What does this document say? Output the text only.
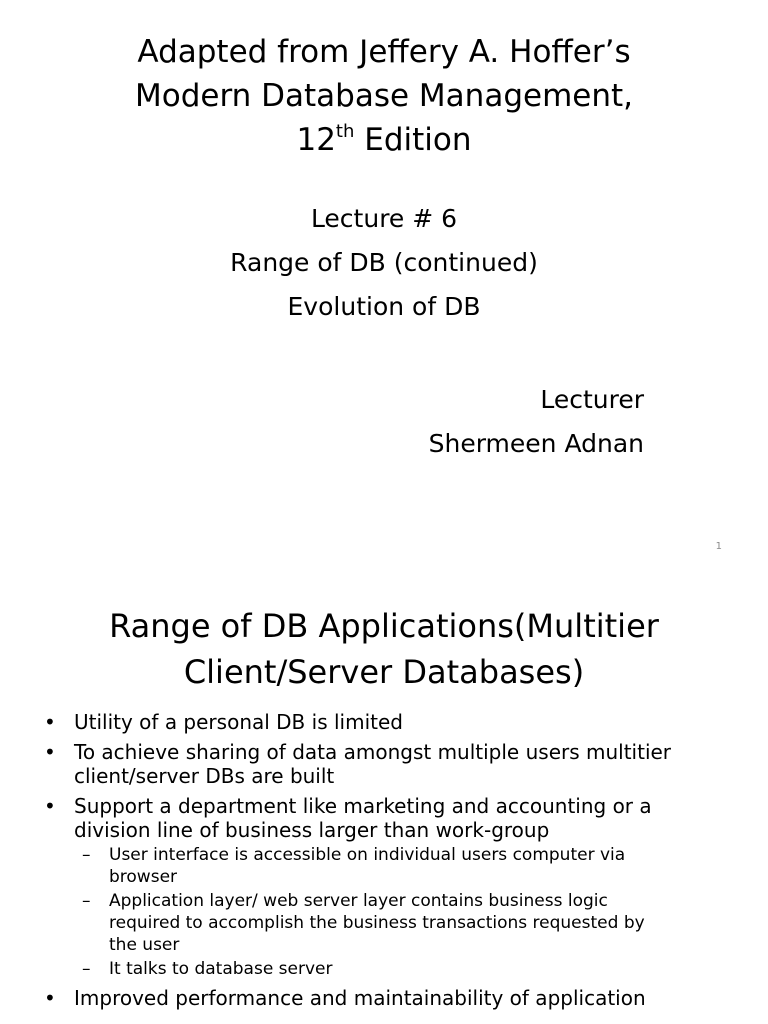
Adapted from Jeffery A. Hoffer’s
Modern Database Management,
12th Edition
Lecture # 6
Range of DB (continued)
Evolution of DB
Lecturer
Shermeen Adnan
1
Range of DB Applications(Multitier
Client/Server Databases)
• Utility of a personal DB is limited
• To achieve sharing of data amongst multiple users multitier
client/server DBs are built
• Support a department like marketing and accounting or a
division line of business larger than work-group
– User interface is accessible on individual users computer via
browser
– Application layer/ web server layer contains business logic
required to accomplish the business transactions requested by
the user
– It talks to database server
• Improved performance and maintainability of application
